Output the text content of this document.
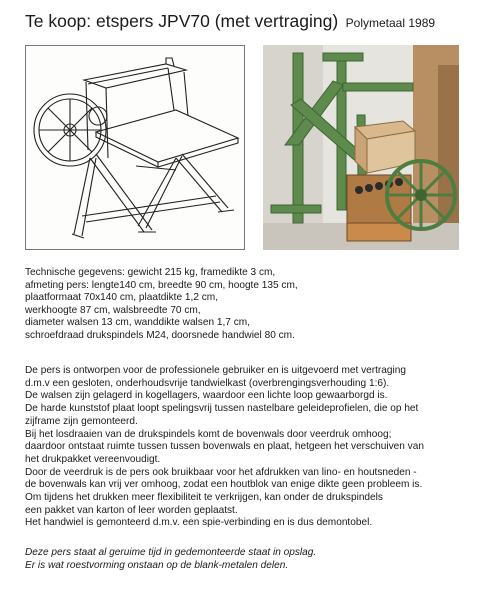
Te koop: etspers JPV70 (met vertraging) Polymetaal 1989

Technische gegevens: gewicht 215 kg, framedikte 3 cm,

afmeting pers: lengte140 cm, breedte 90 cm, hoogte 135 cm,

plaatformaat 70x140 cm, plaatdikte 1,2 cm,

werkhoogte 87 cm, walsbreedte 70 cm,

diameter walsen 13 cm, wanddikte walsen 1,7 cm,

schroefdraad drukspindels M24, doorsnede handwiel 80 cm.

De pers is ontworpen voor de professionele gebruiker en is uitgevoerd met vertraging

d.m.v een gesloten, onderhoudsvrije tandwielkast (overbrengingsverhouding 1:6).

De walsen zijn gelagerd in kogellagers, waardoor een lichte loop gewaarborgd is.

De harde kunststof plaat loopt spelingsvrij tussen nastelbare geleideprofielen, die op het

zijframe zijn gemonteerd.

Bij het losdraaien van de drukspindels komt de bovenwals door veerdruk omhoog;

daardoor ontstaat ruimte tussen tussen bovenwals en plaat, hetgeen het verschuiven van

het drukpakket vereenvoudigt.

Door de veerdruk is de pers ook bruikbaar voor het afdrukken van lino- en houtsneden -

de bovenwals kan vrij ver omhoog, zodat een houtblok van enige dikte geen probleem is.

Om tijdens het drukken meer flexibiliteit te verkrijgen, kan onder de drukspindels

een pakket van karton of leer worden geplaatst.

Het handwiel is gemonteerd d.m.v. een spie-verbinding en is dus demontobel.

Deze pers staat al geruime tijd in gedemonteerde staat in opslag.

Er is wat roestvorming onstaan op de blank-metalen delen.
